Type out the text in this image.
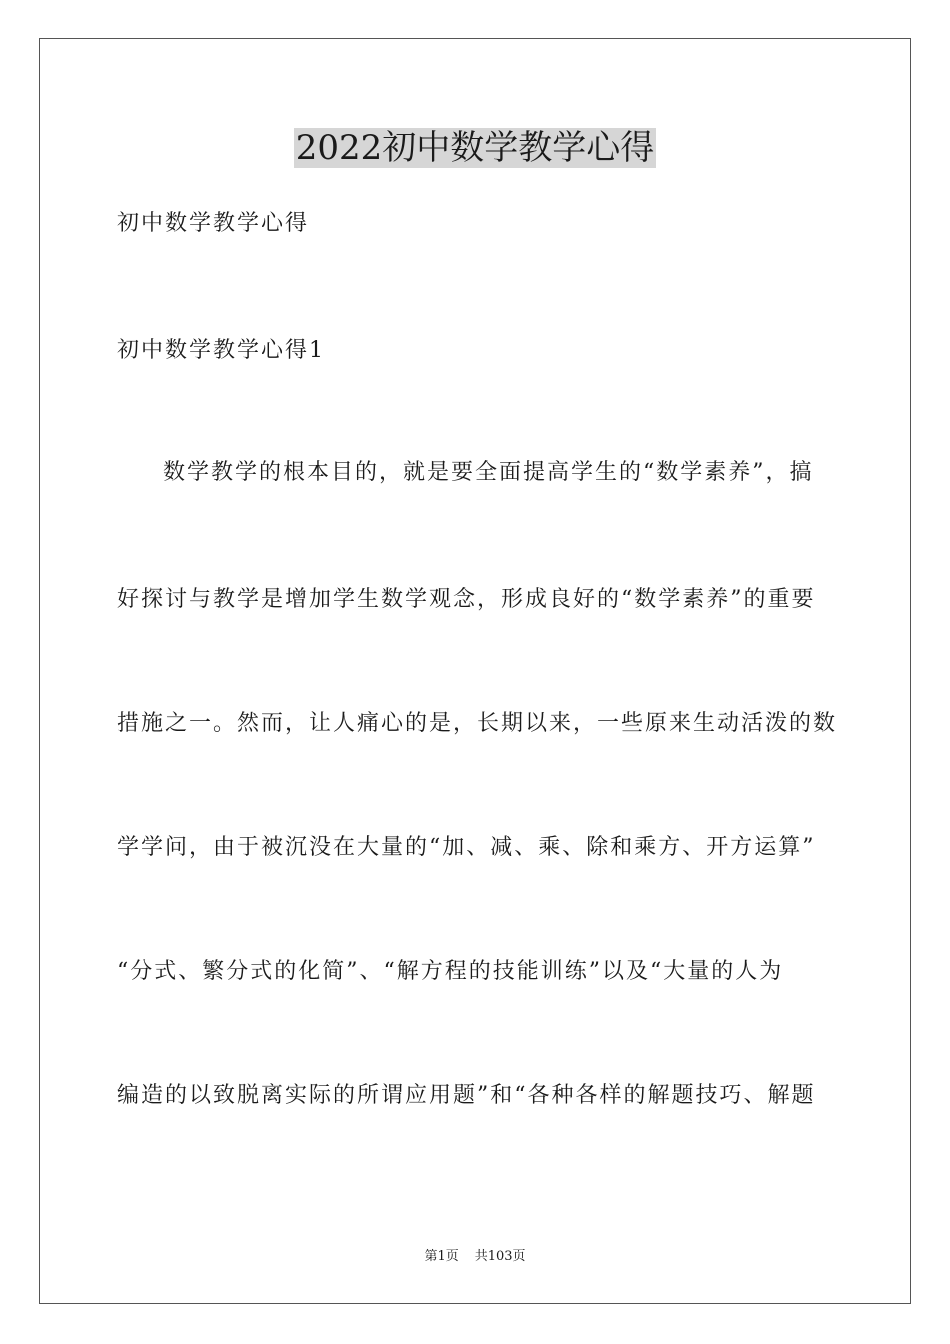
2022初中数学教学心得
初中数学教学心得
初中数学教学心得1
数学教学的根本目的，就是要全面提高学生的“数学素养”，搞
好探讨与教学是增加学生数学观念，形成良好的“数学素养”的重要
措施之一。然而，让人痛心的是，长期以来，一些原来生动活泼的数
学学问，由于被沉没在大量的“加、减、乘、除和乘方、开方运算”
“分式、繁分式的化简”、“解方程的技能训练”以及“大量的人为
编造的以致脱离实际的所谓应用题”和“各种各样的解题技巧、解题
第1页 共103页
